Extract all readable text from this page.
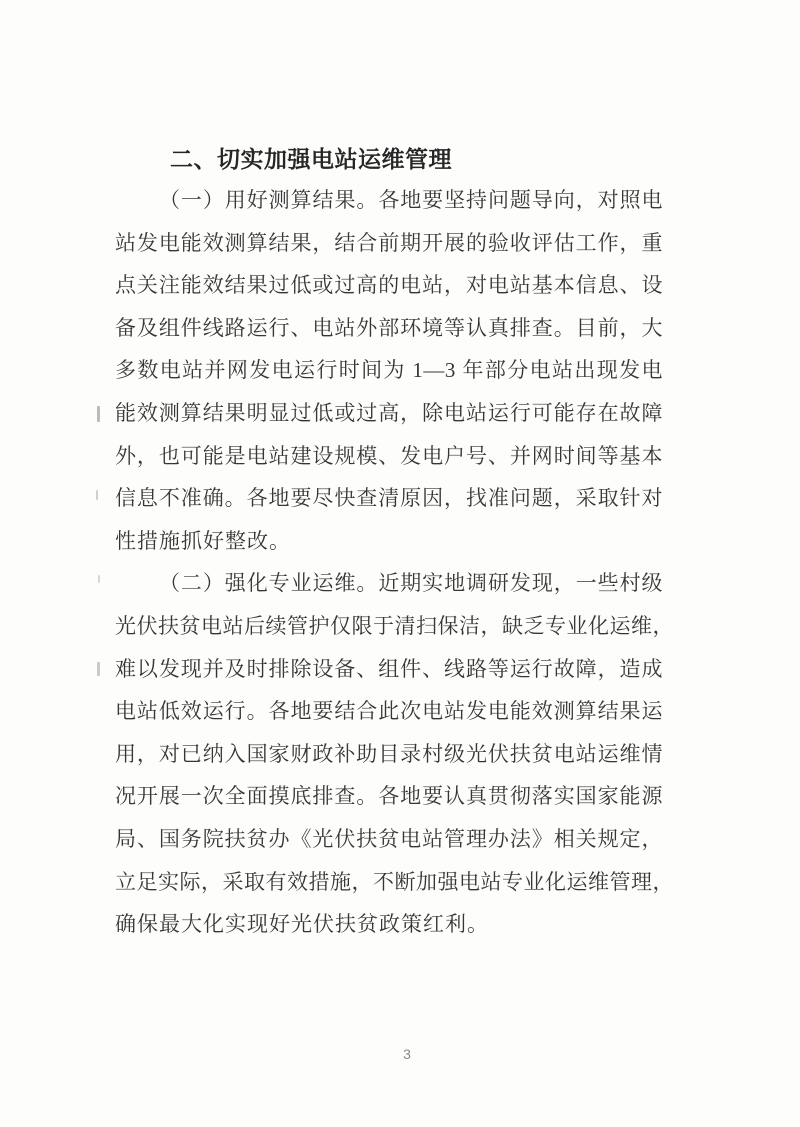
二、切实加强电站运维管理
（一）用好测算结果。各地要坚持问题导向，对照电
站发电能效测算结果，结合前期开展的验收评估工作，重
点关注能效结果过低或过高的电站，对电站基本信息、设
备及组件线路运行、电站外部环境等认真排查。目前，大
多数电站并网发电运行时间为 1—3 年部分电站出现发电
能效测算结果明显过低或过高，除电站运行可能存在故障
外，也可能是电站建设规模、发电户号、并网时间等基本
信息不准确。各地要尽快查清原因，找准问题，采取针对
性措施抓好整改。
（二）强化专业运维。近期实地调研发现，一些村级
光伏扶贫电站后续管护仅限于清扫保洁，缺乏专业化运维，
难以发现并及时排除设备、组件、线路等运行故障，造成
电站低效运行。各地要结合此次电站发电能效测算结果运
用，对已纳入国家财政补助目录村级光伏扶贫电站运维情
况开展一次全面摸底排查。各地要认真贯彻落实国家能源
局、国务院扶贫办《光伏扶贫电站管理办法》相关规定，
立足实际，采取有效措施，不断加强电站专业化运维管理，
确保最大化实现好光伏扶贫政策红利。
3
